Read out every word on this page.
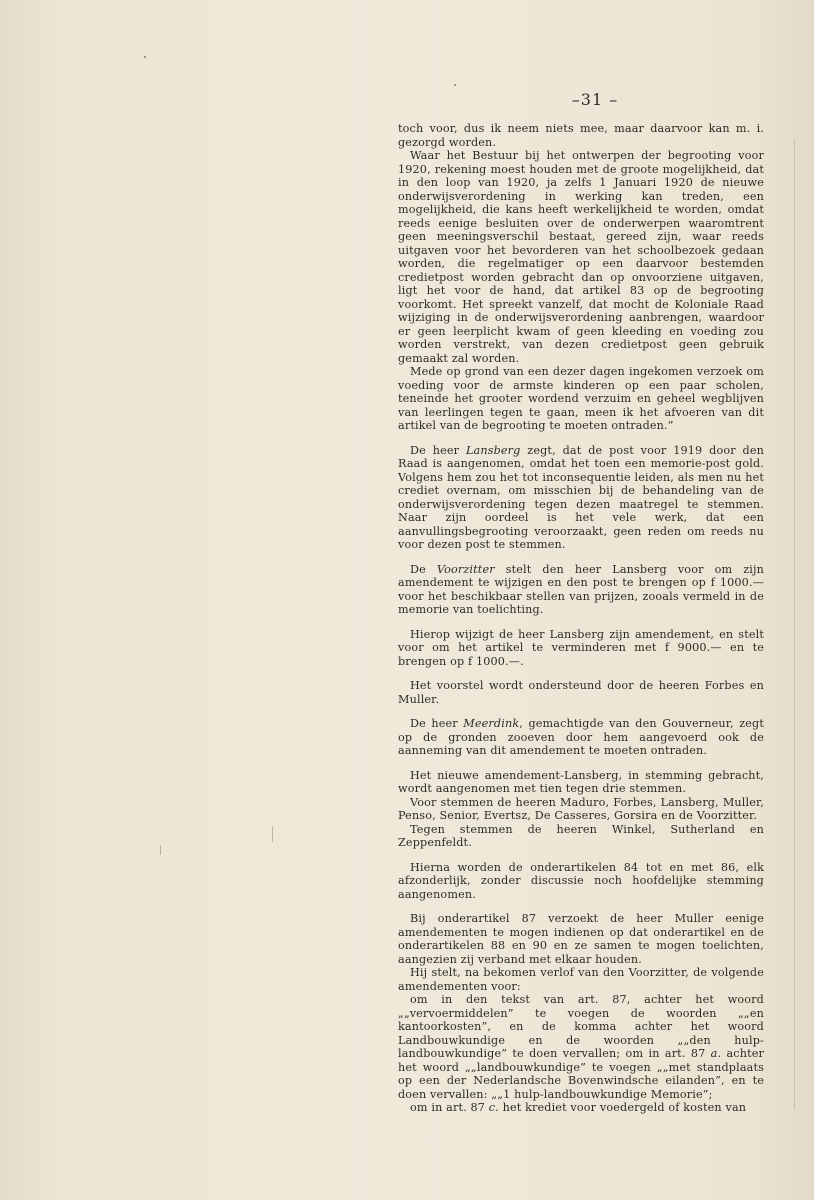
–31 –

toch voor, dus ik neem niets mee, maar daarvoor kan m. i. gezorgd worden.

Waar het Bestuur bij het ontwerpen der begrooting voor 1920, rekening moest houden met de groote mogelijkheid, dat in den loop van 1920, ja zelfs 1 Januari 1920 de nieuwe onderwijsverordening in werking kan treden, een mogelijkheid, die kans heeft werkelijkheid te worden, omdat reeds eenige besluiten over de onderwerpen waaromtrent geen meeningsverschil bestaat, gereed zijn, waar reeds uitgaven voor het bevorderen van het schoolbezoek gedaan worden, die regelmatiger op een daarvoor bestemden credietpost worden gebracht dan op onvoorziene uitgaven, ligt het voor de hand, dat artikel 83 op de begrooting voorkomt. Het spreekt vanzelf, dat mocht de Koloniale Raad wijziging in de onderwijsverordening aanbrengen, waardoor er geen leerplicht kwam of geen kleeding en voeding zou worden verstrekt, van dezen credietpost geen gebruik gemaakt zal worden.

Mede op grond van een dezer dagen ingekomen verzoek om voeding voor de armste kinderen op een paar scholen, teneinde het grooter wordend verzuim en geheel wegblijven van leerlingen tegen te gaan, meen ik het afvoeren van dit artikel van de begrooting te moeten ontraden.”

De heer Lansberg zegt, dat de post voor 1919 door den Raad is aangenomen, omdat het toen een memorie-post gold. Volgens hem zou het tot inconsequentie leiden, als men nu het crediet overnam, om misschien bij de behandeling van de onderwijsverordening tegen dezen maatregel te stemmen. Naar zijn oordeel is het vele werk, dat een aanvullingsbegrooting veroorzaakt, geen reden om reeds nu voor dezen post te stemmen.

De Voorzitter stelt den heer Lansberg voor om zijn amendement te wijzigen en den post te brengen op f 1000.— voor het beschikbaar stellen van prijzen, zooals vermeld in de memorie van toelichting.

Hierop wijzigt de heer Lansberg zijn amendement, en stelt voor om het artikel te verminderen met f 9000.— en te brengen op f 1000.—.

Het voorstel wordt ondersteund door de heeren Forbes en Muller.

De heer Meerdink, gemachtigde van den Gouverneur, zegt op de gronden zooeven door hem aangevoerd ook de aanneming van dit amendement te moeten ontraden.

Het nieuwe amendement-Lansberg, in stemming gebracht, wordt aangenomen met tien tegen drie stemmen.

Voor stemmen de heeren Maduro, Forbes, Lansberg, Muller, Penso, Senior, Evertsz, De Casseres, Gorsira en de Voorzitter.

Tegen stemmen de heeren Winkel, Sutherland en Zeppenfeldt.

Hierna worden de onderartikelen 84 tot en met 86, elk afzonderlijk, zonder discussie noch hoofdelijke stemming aangenomen.

Bij onderartikel 87 verzoekt de heer Muller eenige amendementen te mogen indienen op dat onderartikel en de onderartikelen 88 en 90 en ze samen te mogen toelichten, aangezien zij verband met elkaar houden.

Hij stelt, na bekomen verlof van den Voorzitter, de volgende amendementen voor:

om in den tekst van art. 87, achter het woord „„vervoermiddelen” te voegen de woorden „„en kantoorkosten”, en de komma achter het woord Landbouwkundige en de woorden „„den hulp-landbouwkundige” te doen vervallen; om in art. 87 a. achter het woord „„landbouwkundige” te voegen „„met standplaats op een der Nederlandsche Bovenwindsche eilanden”, en te doen vervallen: „„1 hulp-landbouwkundige Memorie”;

om in art. 87 c. het krediet voor voedergeld of kosten van
